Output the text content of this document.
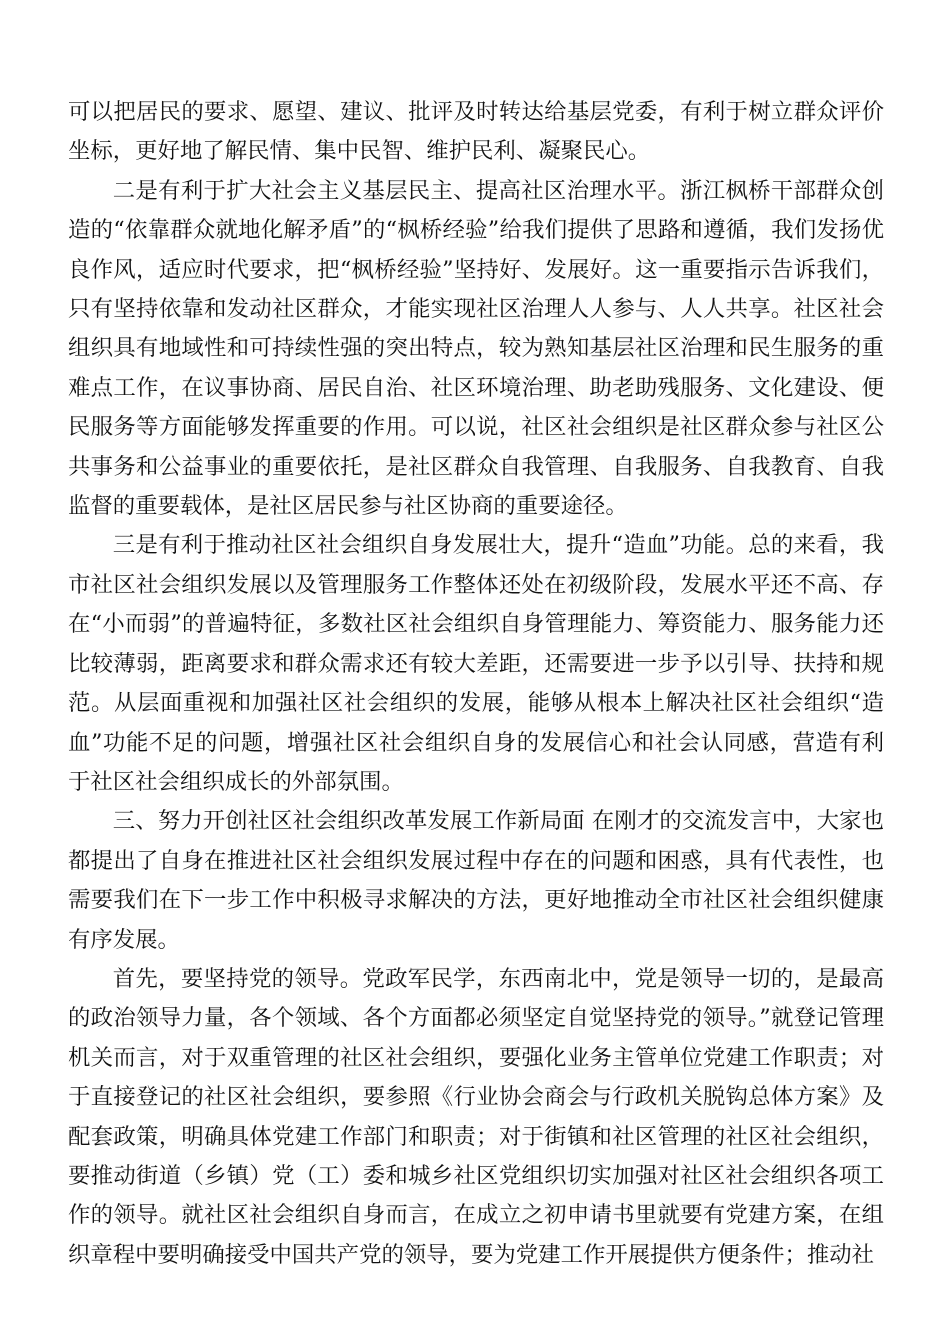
可以把居民的要求、愿望、建议、批评及时转达给基层党委，有利于树立群众评价坐标，更好地了解民情、集中民智、维护民利、凝聚民心。

二是有利于扩大社会主义基层民主、提高社区治理水平。浙江枫桥干部群众创造的“依靠群众就地化解矛盾”的“枫桥经验”给我们提供了思路和遵循，我们发扬优良作风，适应时代要求，把“枫桥经验”坚持好、发展好。这一重要指示告诉我们，只有坚持依靠和发动社区群众，才能实现社区治理人人参与、人人共享。社区社会组织具有地域性和可持续性强的突出特点，较为熟知基层社区治理和民生服务的重难点工作，在议事协商、居民自治、社区环境治理、助老助残服务、文化建设、便民服务等方面能够发挥重要的作用。可以说，社区社会组织是社区群众参与社区公共事务和公益事业的重要依托，是社区群众自我管理、自我服务、自我教育、自我监督的重要载体，是社区居民参与社区协商的重要途径。

三是有利于推动社区社会组织自身发展壮大，提升“造血”功能。总的来看，我市社区社会组织发展以及管理服务工作整体还处在初级阶段，发展水平还不高、存在“小而弱”的普遍特征，多数社区社会组织自身管理能力、筹资能力、服务能力还比较薄弱，距离要求和群众需求还有较大差距，还需要进一步予以引导、扶持和规范。从层面重视和加强社区社会组织的发展，能够从根本上解决社区社会组织“造血”功能不足的问题，增强社区社会组织自身的发展信心和社会认同感，营造有利于社区社会组织成长的外部氛围。

三、努力开创社区社会组织改革发展工作新局面 在刚才的交流发言中，大家也都提出了自身在推进社区社会组织发展过程中存在的问题和困惑，具有代表性，也需要我们在下一步工作中积极寻求解决的方法，更好地推动全市社区社会组织健康有序发展。

首先，要坚持党的领导。党政军民学，东西南北中，党是领导一切的，是最高的政治领导力量，各个领域、各个方面都必须坚定自觉坚持党的领导。”就登记管理机关而言，对于双重管理的社区社会组织，要强化业务主管单位党建工作职责；对于直接登记的社区社会组织，要参照《行业协会商会与行政机关脱钩总体方案》及配套政策，明确具体党建工作部门和职责；对于街镇和社区管理的社区社会组织，要推动街道（乡镇）党（工）委和城乡社区党组织切实加强对社区社会组织各项工作的领导。就社区社会组织自身而言，在成立之初申请书里就要有党建方案，在组织章程中要明确接受中国共产党的领导，要为党建工作开展提供方便条件；推动社
